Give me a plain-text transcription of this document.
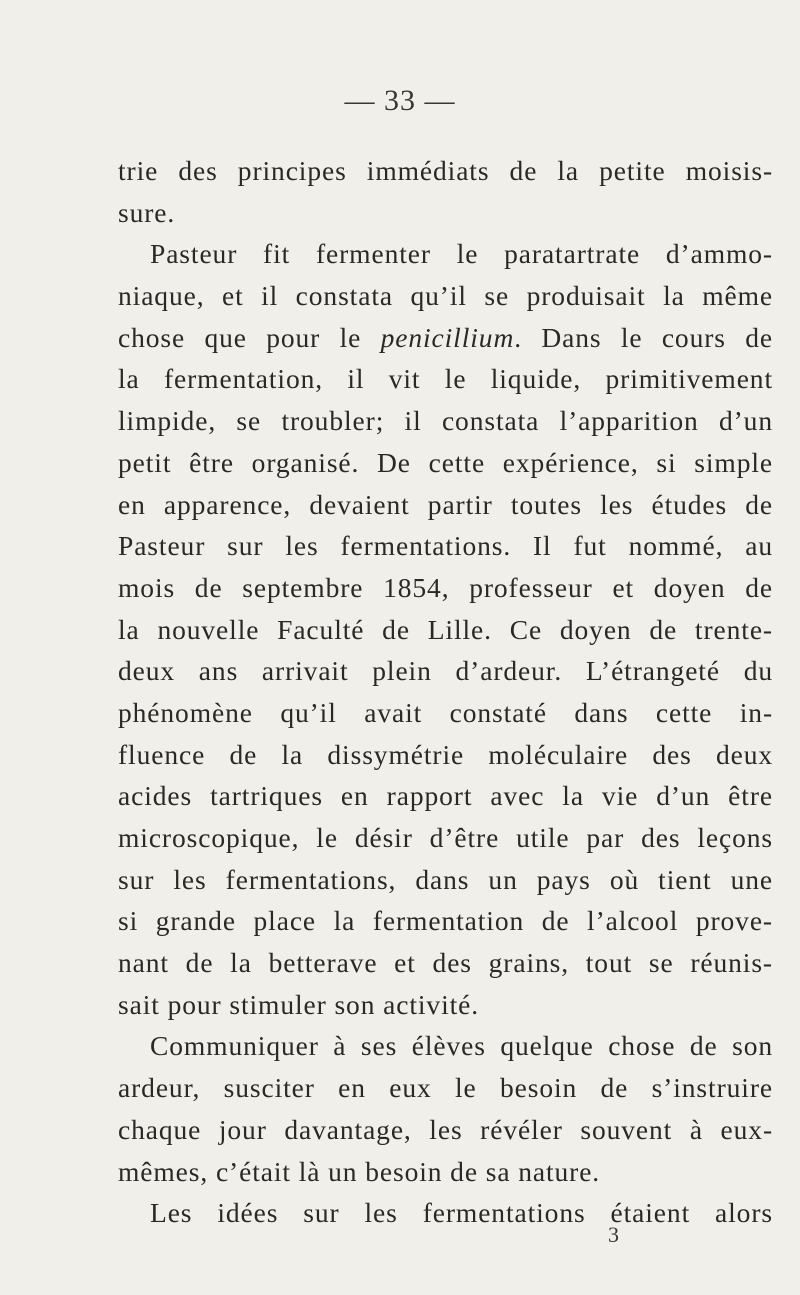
— 33 —
trie des principes immédiats de la petite moisis-
sure.
Pasteur fit fermenter le paratartrate d’ammo-
niaque, et il constata qu’il se produisait la même
chose que pour le penicillium. Dans le cours de
la fermentation, il vit le liquide, primitivement
limpide, se troubler; il constata l’apparition d’un
petit être organisé. De cette expérience, si simple
en apparence, devaient partir toutes les études de
Pasteur sur les fermentations. Il fut nommé, au
mois de septembre 1854, professeur et doyen de
la nouvelle Faculté de Lille. Ce doyen de trente-
deux ans arrivait plein d’ardeur. L’étrangeté du
phénomène qu’il avait constaté dans cette in-
fluence de la dissymétrie moléculaire des deux
acides tartriques en rapport avec la vie d’un être
microscopique, le désir d’être utile par des leçons
sur les fermentations, dans un pays où tient une
si grande place la fermentation de l’alcool prove-
nant de la betterave et des grains, tout se réunis-
sait pour stimuler son activité.
Communiquer à ses élèves quelque chose de son
ardeur, susciter en eux le besoin de s’instruire
chaque jour davantage, les révéler souvent à eux-
mêmes, c’était là un besoin de sa nature.
Les idées sur les fermentations étaient alors
3
